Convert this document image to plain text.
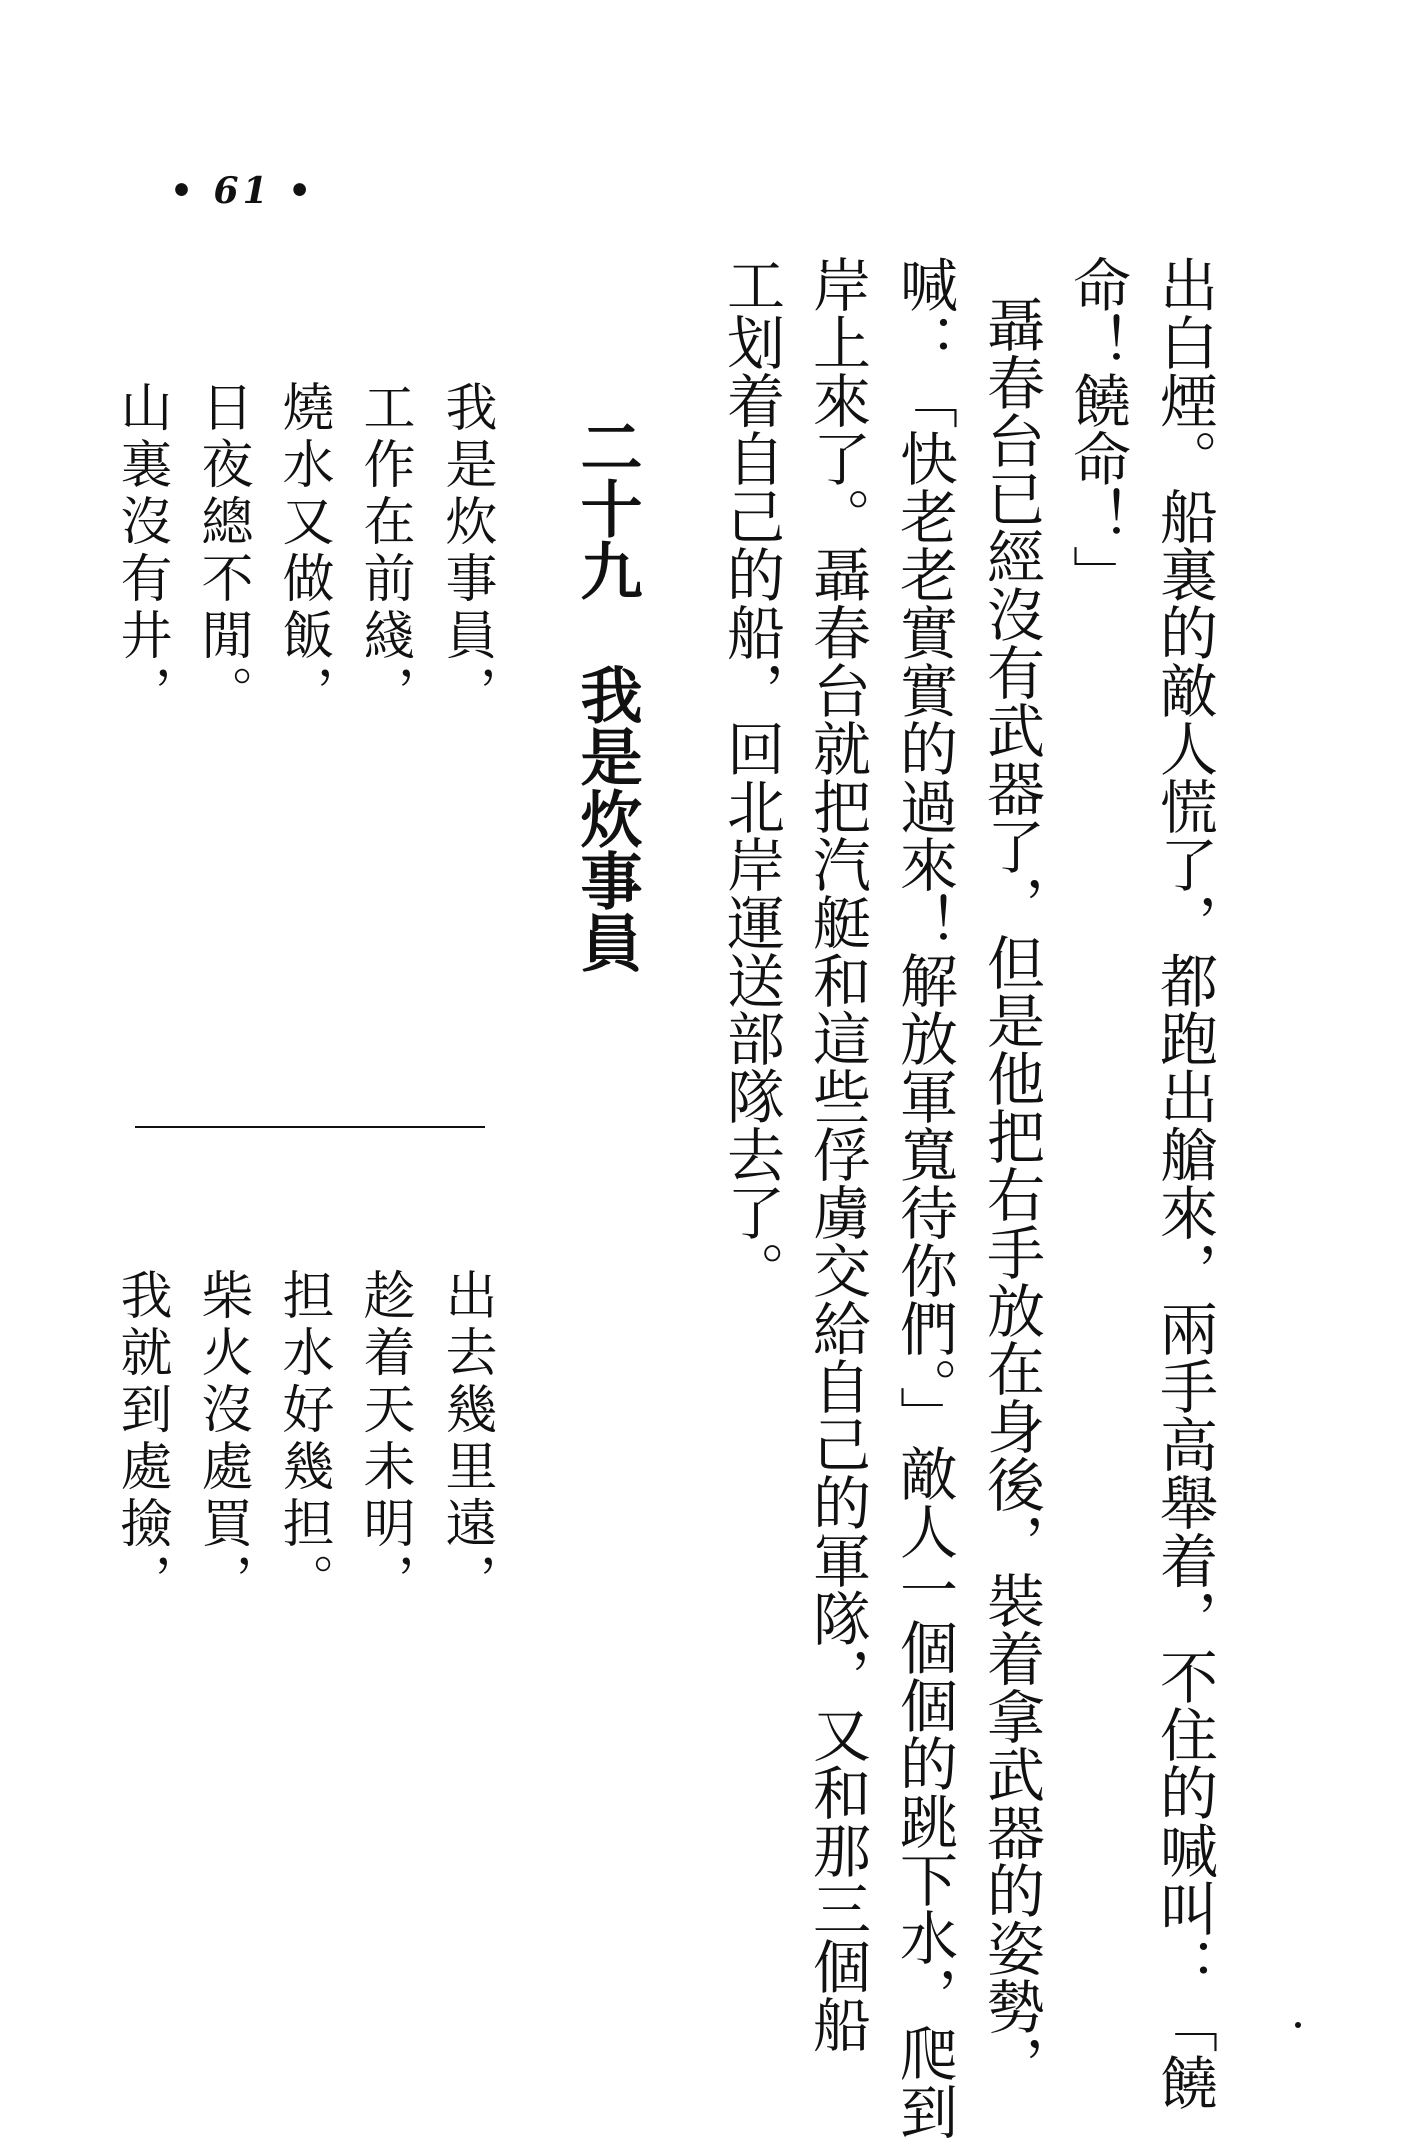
• 61 •
出白煙。船裏的敵人慌了，都跑出艙來，兩手高舉着，不住的喊叫：「饒
命！饒命！」
聶春台已經沒有武器了，但是他把右手放在身後，裝着拿武器的姿勢，
喊：「快老老實實的過來！解放軍寬待你們。」敵人一個個的跳下水，爬到
岸上來了。聶春台就把汽艇和這些俘虜交給自己的軍隊，又和那三個船
工划着自己的船，回北岸運送部隊去了。
二十九　我是炊事員
我是炊事員，
工作在前綫，
燒水又做飯，
日夜總不閒。
山裏沒有井，
出去幾里遠，
趁着天未明，
担水好幾担。
柴火沒處買，
我就到處撿，
